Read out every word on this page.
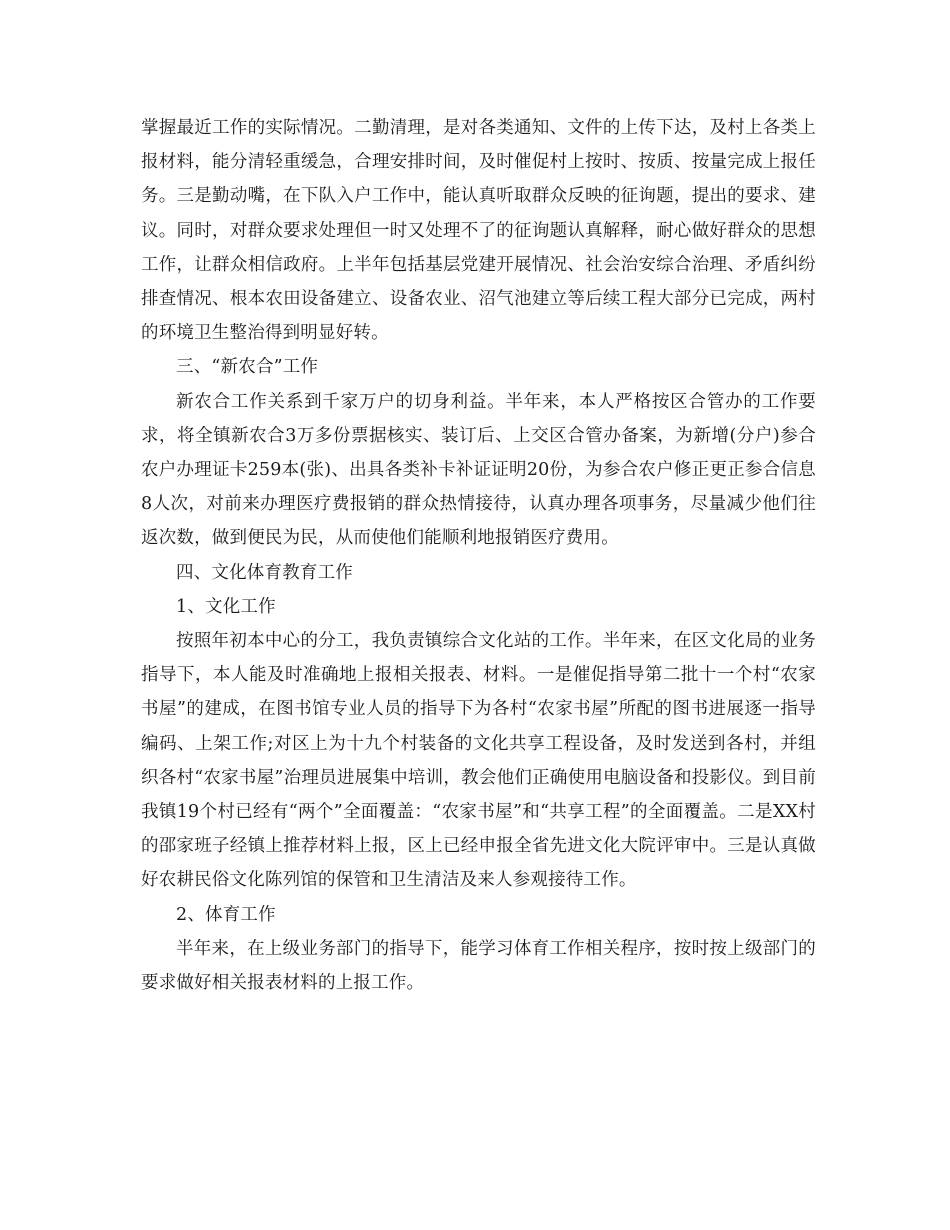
掌握最近工作的实际情况。二勤清理，是对各类通知、文件的上传下达，及村上各类上报材料，能分清轻重缓急，合理安排时间，及时催促村上按时、按质、按量完成上报任务。三是勤动嘴，在下队入户工作中，能认真听取群众反映的征询题，提出的要求、建议。同时，对群众要求处理但一时又处理不了的征询题认真解释，耐心做好群众的思想工作，让群众相信政府。上半年包括基层党建开展情况、社会治安综合治理、矛盾纠纷排查情况、根本农田设备建立、设备农业、沼气池建立等后续工程大部分已完成，两村的环境卫生整治得到明显好转。

三、“新农合”工作

新农合工作关系到千家万户的切身利益。半年来，本人严格按区合管办的工作要求，将全镇新农合3万多份票据核实、装订后、上交区合管办备案，为新增(分户)参合农户办理证卡259本(张)、出具各类补卡补证证明20份，为参合农户修正更正参合信息8人次，对前来办理医疗费报销的群众热情接待，认真办理各项事务，尽量减少他们往返次数，做到便民为民，从而使他们能顺利地报销医疗费用。

四、文化体育教育工作

1、文化工作

按照年初本中心的分工，我负责镇综合文化站的工作。半年来，在区文化局的业务指导下，本人能及时准确地上报相关报表、材料。一是催促指导第二批十一个村“农家书屋”的建成，在图书馆专业人员的指导下为各村“农家书屋”所配的图书进展逐一指导编码、上架工作;对区上为十九个村装备的文化共享工程设备，及时发送到各村，并组织各村“农家书屋”治理员进展集中培训，教会他们正确使用电脑设备和投影仪。到目前我镇19个村已经有“两个”全面覆盖：“农家书屋”和“共享工程”的全面覆盖。二是XX村的邵家班子经镇上推荐材料上报，区上已经申报全省先进文化大院评审中。三是认真做好农耕民俗文化陈列馆的保管和卫生清洁及来人参观接待工作。

2、体育工作

半年来，在上级业务部门的指导下，能学习体育工作相关程序，按时按上级部门的要求做好相关报表材料的上报工作。
